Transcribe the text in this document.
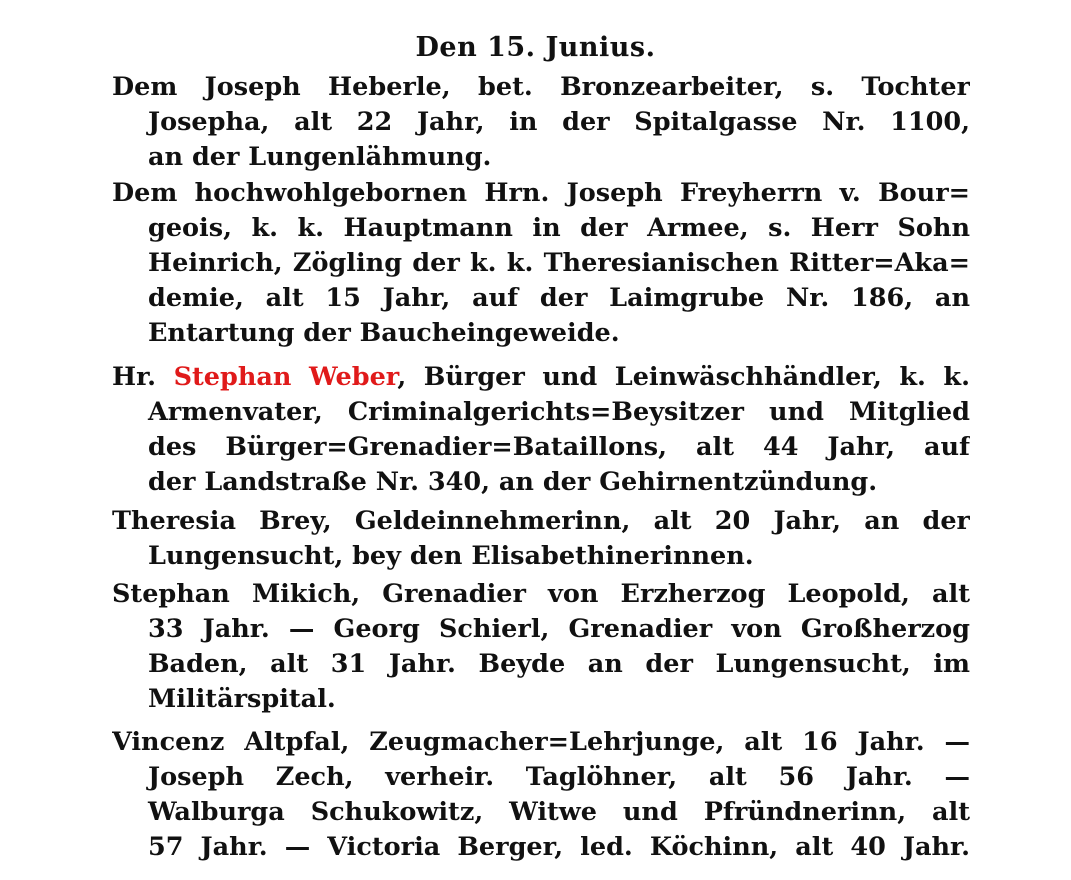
Den 15. Junius.
Dem Joseph Heberle, bet. Bronzearbeiter, s. Tochter
Josepha, alt 22 Jahr, in der Spitalgasse Nr. 1100,
an der Lungenlähmung.
Dem hochwohlgebornen Hrn. Joseph Freyherrn v. Bour=
geois, k. k. Hauptmann in der Armee, s. Herr Sohn
Heinrich, Zögling der k. k. Theresianischen Ritter=Aka=
demie, alt 15 Jahr, auf der Laimgrube Nr. 186, an
Entartung der Baucheingeweide.
Hr. Stephan Weber, Bürger und Leinwäschhändler, k. k.
Armenvater, Criminalgerichts=Beysitzer und Mitglied
des Bürger=Grenadier=Bataillons, alt 44 Jahr, auf
der Landstraße Nr. 340, an der Gehirnentzündung.
Theresia Brey, Geldeinnehmerinn, alt 20 Jahr, an der
Lungensucht, bey den Elisabethinerinnen.
Stephan Mikich, Grenadier von Erzherzog Leopold, alt
33 Jahr. — Georg Schierl, Grenadier von Großherzog
Baden, alt 31 Jahr. Beyde an der Lungensucht, im
Militärspital.
Vincenz Altpfal, Zeugmacher=Lehrjunge, alt 16 Jahr. —
Joseph Zech, verheir. Taglöhner, alt 56 Jahr. —
Walburga Schukowitz, Witwe und Pfründnerinn, alt
57 Jahr. — Victoria Berger, led. Köchinn, alt 40 Jahr.
